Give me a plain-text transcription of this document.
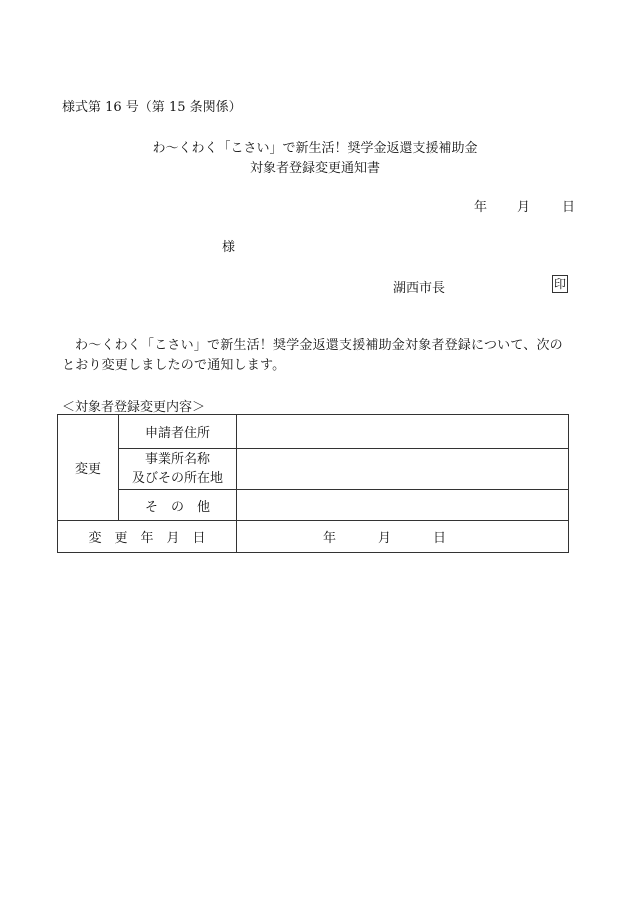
様式第 16 号（第 15 条関係）
わ～くわく「こさい」で新生活！奨学金返還支援補助金
対象者登録変更通知書
年 月 日
様
湖西市長	印
わ～くわく「こさい」で新生活！奨学金返還支援補助金対象者登録について、次のとおり変更しましたので通知します。
＜対象者登録変更内容＞
変更	申請者住所	

	事業所名称
及びその所在地	

	そ　の　他	
変　更　年　月　日		年 月 日
